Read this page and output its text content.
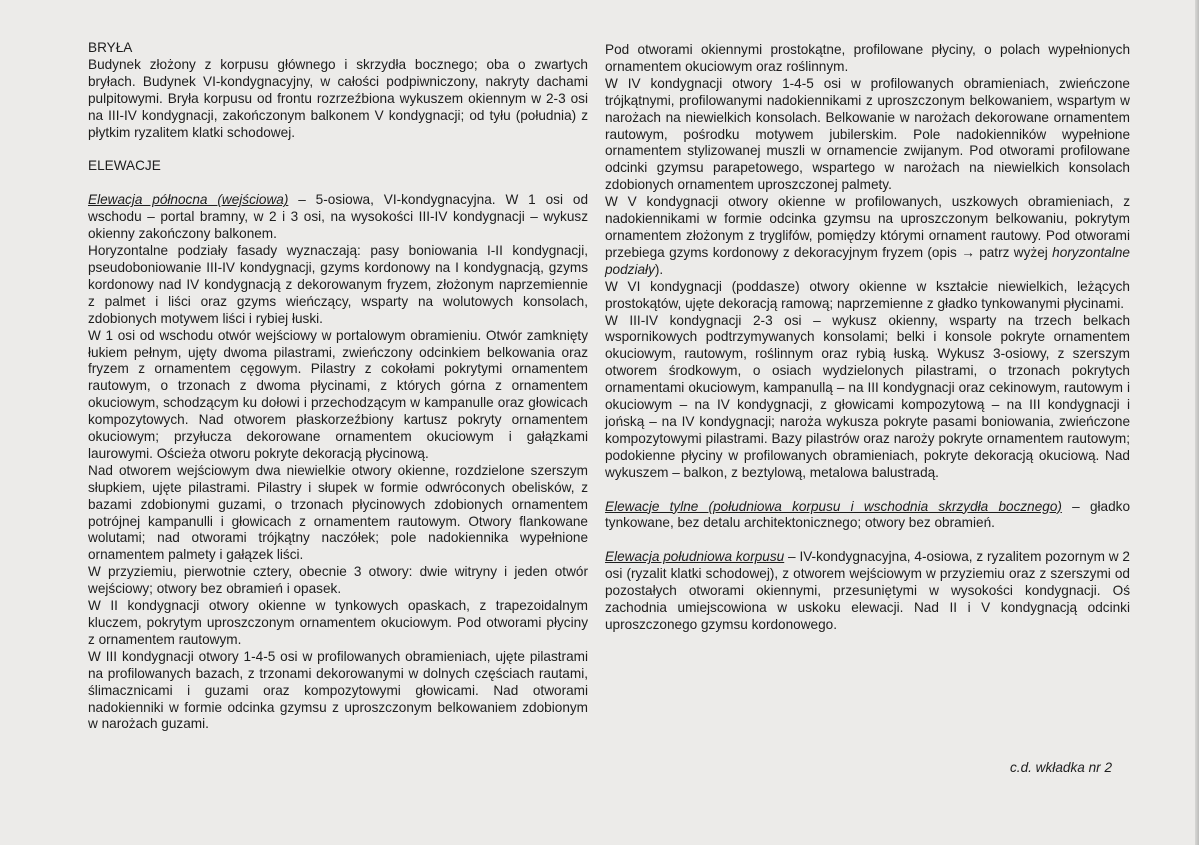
BRYŁA

Budynek złożony z korpusu głównego i skrzydła bocznego; oba o zwartych bryłach. Budynek VI-kondygnacyjny, w całości podpiwniczony, nakryty dachami pulpitowymi. Bryła korpusu od frontu rozrzeźbiona wykuszem okiennym w 2-3 osi na III-IV kondygnacji, zakończonym balkonem V kondygnacji; od tyłu (południa) z płytkim ryzalitem klatki schodowej.

ELEWACJE

Elewacja północna (wejściowa) – 5-osiowa, VI-kondygnacyjna. W 1 osi od wschodu – portal bramny, w 2 i 3 osi, na wysokości III-IV kondygnacji – wykusz okienny zakończony balkonem.

Horyzontalne podziały fasady wyznaczają: pasy boniowania I-II kondygnacji, pseudoboniowanie III-IV kondygnacji, gzyms kordonowy na I kondygnacją, gzyms kordonowy nad IV kondygnacją z dekorowanym fryzem, złożonym naprzemiennie z palmet i liści oraz gzyms wieńczący, wsparty na wolutowych konsolach, zdobionych motywem liści i rybiej łuski.

W 1 osi od wschodu otwór wejściowy w portalowym obramieniu. Otwór zamknięty łukiem pełnym, ujęty dwoma pilastrami, zwieńczony odcinkiem belkowania oraz fryzem z ornamentem cęgowym. Pilastry z cokołami pokrytymi ornamentem rautowym, o trzonach z dwoma płycinami, z których górna z ornamentem okuciowym, schodzącym ku dołowi i przechodzącym w kampanulle oraz głowicach kompozytowych. Nad otworem płaskorzeźbiony kartusz pokryty ornamentem okuciowym; przyłucza dekorowane ornamentem okuciowym i gałązkami laurowymi. Ościeża otworu pokryte dekoracją płycinową.

Nad otworem wejściowym dwa niewielkie otwory okienne, rozdzielone szerszym słupkiem, ujęte pilastrami. Pilastry i słupek w formie odwróconych obelisków, z bazami zdobionymi guzami, o trzonach płycinowych zdobionych ornamentem potrójnej kampanulli i głowicach z ornamentem rautowym. Otwory flankowane wolutami; nad otworami trójkątny naczółek; pole nadokiennika wypełnione ornamentem palmety i gałązek liści.

W przyziemiu, pierwotnie cztery, obecnie 3 otwory: dwie witryny i jeden otwór wejściowy; otwory bez obramień i opasek.

W II kondygnacji otwory okienne w tynkowych opaskach, z trapezoidalnym kluczem, pokrytym uproszczonym ornamentem okuciowym. Pod otworami płyciny z ornamentem rautowym.

W III kondygnacji otwory 1-4-5 osi w profilowanych obramieniach, ujęte pilastrami na profilowanych bazach, z trzonami dekorowanymi w dolnych częściach rautami, ślimacznicami i guzami oraz kompozytowymi głowicami. Nad otworami nadokienniki w formie odcinka gzymsu z uproszczonym belkowaniem zdobionym w narożach guzami.

Pod otworami okiennymi prostokątne, profilowane płyciny, o polach wypełnionych ornamentem okuciowym oraz roślinnym.

W IV kondygnacji otwory 1-4-5 osi w profilowanych obramieniach, zwieńczone trójkątnymi, profilowanymi nadokiennikami z uproszczonym belkowaniem, wspartym w narożach na niewielkich konsolach. Belkowanie w narożach dekorowane ornamentem rautowym, pośrodku motywem jubilerskim. Pole nadokienników wypełnione ornamentem stylizowanej muszli w ornamencie zwijanym. Pod otworami profilowane odcinki gzymsu parapetowego, wspartego w narożach na niewielkich konsolach zdobionych ornamentem uproszczonej palmety.

W V kondygnacji otwory okienne w profilowanych, uszkowych obramieniach, z nadokiennikami w formie odcinka gzymsu na uproszczonym belkowaniu, pokrytym ornamentem złożonym z tryglifów, pomiędzy którymi ornament rautowy. Pod otworami przebiega gzyms kordonowy z dekoracyjnym fryzem (opis → patrz wyżej horyzontalne podziały).

W VI kondygnacji (poddasze) otwory okienne w kształcie niewielkich, leżących prostokątów, ujęte dekoracją ramową; naprzemienne z gładko tynkowanymi płycinami.

W III-IV kondygnacji 2-3 osi – wykusz okienny, wsparty na trzech belkach wspornikowych podtrzymywanych konsolami; belki i konsole pokryte ornamentem okuciowym, rautowym, roślinnym oraz rybią łuską. Wykusz 3-osiowy, z szerszym otworem środkowym, o osiach wydzielonych pilastrami, o trzonach pokrytych ornamentami okuciowym, kampanullą – na III kondygnacji oraz cekinowym, rautowym i okuciowym – na IV kondygnacji, z głowicami kompozytową – na III kondygnacji i jońską – na IV kondygnacji; naroża wykusza pokryte pasami boniowania, zwieńczone kompozytowymi pilastrami. Bazy pilastrów oraz naroży pokryte ornamentem rautowym; podokienne płyciny w profilowanych obramieniach, pokryte dekoracją okuciową. Nad wykuszem – balkon, z beztylową, metalowa balustradą.

Elewacje tylne (południowa korpusu i wschodnia skrzydła bocznego) – gładko tynkowane, bez detalu architektonicznego; otwory bez obramień.

Elewacja południowa korpusu – IV-kondygnacyjna, 4-osiowa, z ryzalitem pozornym w 2 osi (ryzalit klatki schodowej), z otworem wejściowym w przyziemiu oraz z szerszymi od pozostałych otworami okiennymi, przesuniętymi w wysokości kondygnacji. Oś zachodnia umiejscowiona w uskoku elewacji. Nad II i V kondygnacją odcinki uproszczonego gzymsu kordonowego.

c.d. wkładka nr 2
